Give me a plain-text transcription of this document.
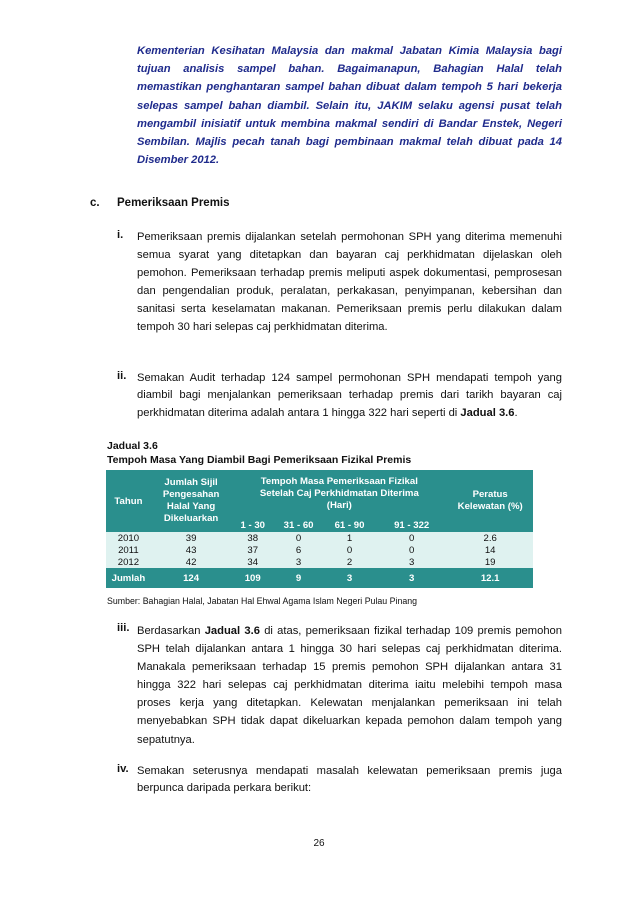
Kementerian Kesihatan Malaysia dan makmal Jabatan Kimia Malaysia bagi tujuan analisis sampel bahan. Bagaimanapun, Bahagian Halal telah memastikan penghantaran sampel bahan dibuat dalam tempoh 5 hari bekerja selepas sampel bahan diambil. Selain itu, JAKIM selaku agensi pusat telah mengambil inisiatif untuk membina makmal sendiri di Bandar Enstek, Negeri Sembilan. Majlis pecah tanah bagi pembinaan makmal telah dibuat pada 14 Disember 2012.
c. Pemeriksaan Premis
i. Pemeriksaan premis dijalankan setelah permohonan SPH yang diterima memenuhi semua syarat yang ditetapkan dan bayaran caj perkhidmatan dijelaskan oleh pemohon. Pemeriksaan terhadap premis meliputi aspek dokumentasi, pemprosesan dan pengendalian produk, peralatan, perkakasan, penyimpanan, kebersihan dan sanitasi serta keselamatan makanan. Pemeriksaan premis perlu dilakukan dalam tempoh 30 hari selepas caj perkhidmatan diterima.
ii. Semakan Audit terhadap 124 sampel permohonan SPH mendapati tempoh yang diambil bagi menjalankan pemeriksaan terhadap premis dari tarikh bayaran caj perkhidmatan diterima adalah antara 1 hingga 322 hari seperti di Jadual 3.6.
Jadual 3.6
Tempoh Masa Yang Diambil Bagi Pemeriksaan Fizikal Premis
Tahun	Jumlah Sijil Pengesahan Halal Yang Dikeluarkan	Tempoh Masa Pemeriksaan Fizikal Setelah Caj Perkhidmatan Diterima (Hari)				Peratus Kelewatan (%)
		1 - 30	31 - 60	61 - 90	91 - 322	
2010	39	38	0	1	0	2.6
2011	43	37	6	0	0	14
2012	42	34	3	2	3	19
Jumlah	124	109	9	3	3	12.1
Sumber: Bahagian Halal, Jabatan Hal Ehwal Agama Islam Negeri Pulau Pinang
iii. Berdasarkan Jadual 3.6 di atas, pemeriksaan fizikal terhadap 109 premis pemohon SPH telah dijalankan antara 1 hingga 30 hari selepas caj perkhidmatan diterima. Manakala pemeriksaan terhadap 15 premis pemohon SPH dijalankan antara 31 hingga 322 hari selepas caj perkhidmatan diterima iaitu melebihi tempoh masa proses kerja yang ditetapkan. Kelewatan menjalankan pemeriksaan ini telah menyebabkan SPH tidak dapat dikeluarkan kepada pemohon dalam tempoh yang sepatutnya.
iv. Semakan seterusnya mendapati masalah kelewatan pemeriksaan premis juga berpunca daripada perkara berikut:
26
